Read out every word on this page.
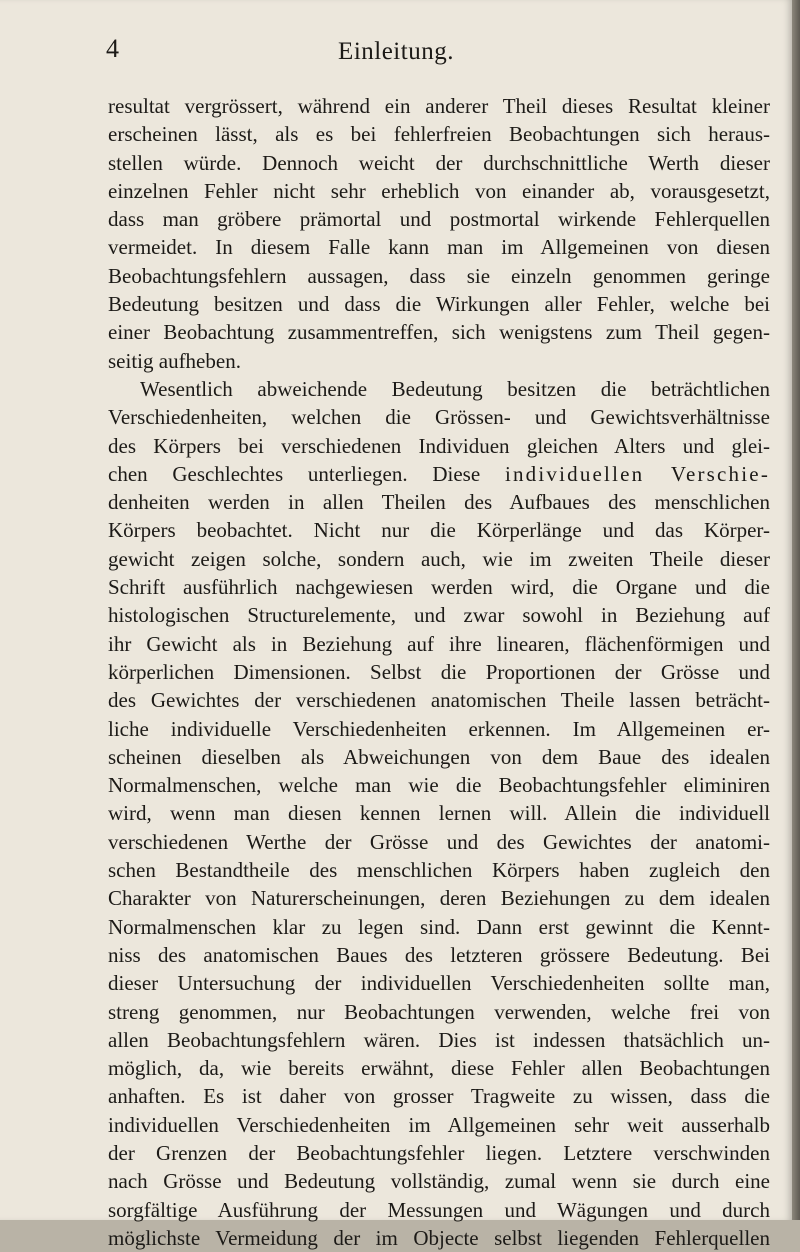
4	Einleitung.
resultat vergrössert, während ein anderer Theil dieses Resultat kleiner
erscheinen lässt, als es bei fehlerfreien Beobachtungen sich heraus-
stellen würde. Dennoch weicht der durchschnittliche Werth dieser
einzelnen Fehler nicht sehr erheblich von einander ab, vorausgesetzt,
dass man gröbere prämortal und postmortal wirkende Fehlerquellen
vermeidet. In diesem Falle kann man im Allgemeinen von diesen
Beobachtungsfehlern aussagen, dass sie einzeln genommen geringe
Bedeutung besitzen und dass die Wirkungen aller Fehler, welche bei
einer Beobachtung zusammentreffen, sich wenigstens zum Theil gegen-
seitig aufheben.
Wesentlich abweichende Bedeutung besitzen die beträchtlichen
Verschiedenheiten, welchen die Grössen- und Gewichtsverhältnisse
des Körpers bei verschiedenen Individuen gleichen Alters und glei-
chen Geschlechtes unterliegen. Diese individuellen Verschie-
denheiten werden in allen Theilen des Aufbaues des menschlichen
Körpers beobachtet. Nicht nur die Körperlänge und das Körper-
gewicht zeigen solche, sondern auch, wie im zweiten Theile dieser
Schrift ausführlich nachgewiesen werden wird, die Organe und die
histologischen Structurelemente, und zwar sowohl in Beziehung auf
ihr Gewicht als in Beziehung auf ihre linearen, flächenförmigen und
körperlichen Dimensionen. Selbst die Proportionen der Grösse und
des Gewichtes der verschiedenen anatomischen Theile lassen beträcht-
liche individuelle Verschiedenheiten erkennen. Im Allgemeinen er-
scheinen dieselben als Abweichungen von dem Baue des idealen
Normalmenschen, welche man wie die Beobachtungsfehler eliminiren
wird, wenn man diesen kennen lernen will. Allein die individuell
verschiedenen Werthe der Grösse und des Gewichtes der anatomi-
schen Bestandtheile des menschlichen Körpers haben zugleich den
Charakter von Naturerscheinungen, deren Beziehungen zu dem idealen
Normalmenschen klar zu legen sind. Dann erst gewinnt die Kennt-
niss des anatomischen Baues des letzteren grössere Bedeutung. Bei
dieser Untersuchung der individuellen Verschiedenheiten sollte man,
streng genommen, nur Beobachtungen verwenden, welche frei von
allen Beobachtungsfehlern wären. Dies ist indessen thatsächlich un-
möglich, da, wie bereits erwähnt, diese Fehler allen Beobachtungen
anhaften. Es ist daher von grosser Tragweite zu wissen, dass die
individuellen Verschiedenheiten im Allgemeinen sehr weit ausserhalb
der Grenzen der Beobachtungsfehler liegen. Letztere verschwinden
nach Grösse und Bedeutung vollständig, zumal wenn sie durch eine
sorgfältige Ausführung der Messungen und Wägungen und durch
möglichste Vermeidung der im Objecte selbst liegenden Fehlerquellen
